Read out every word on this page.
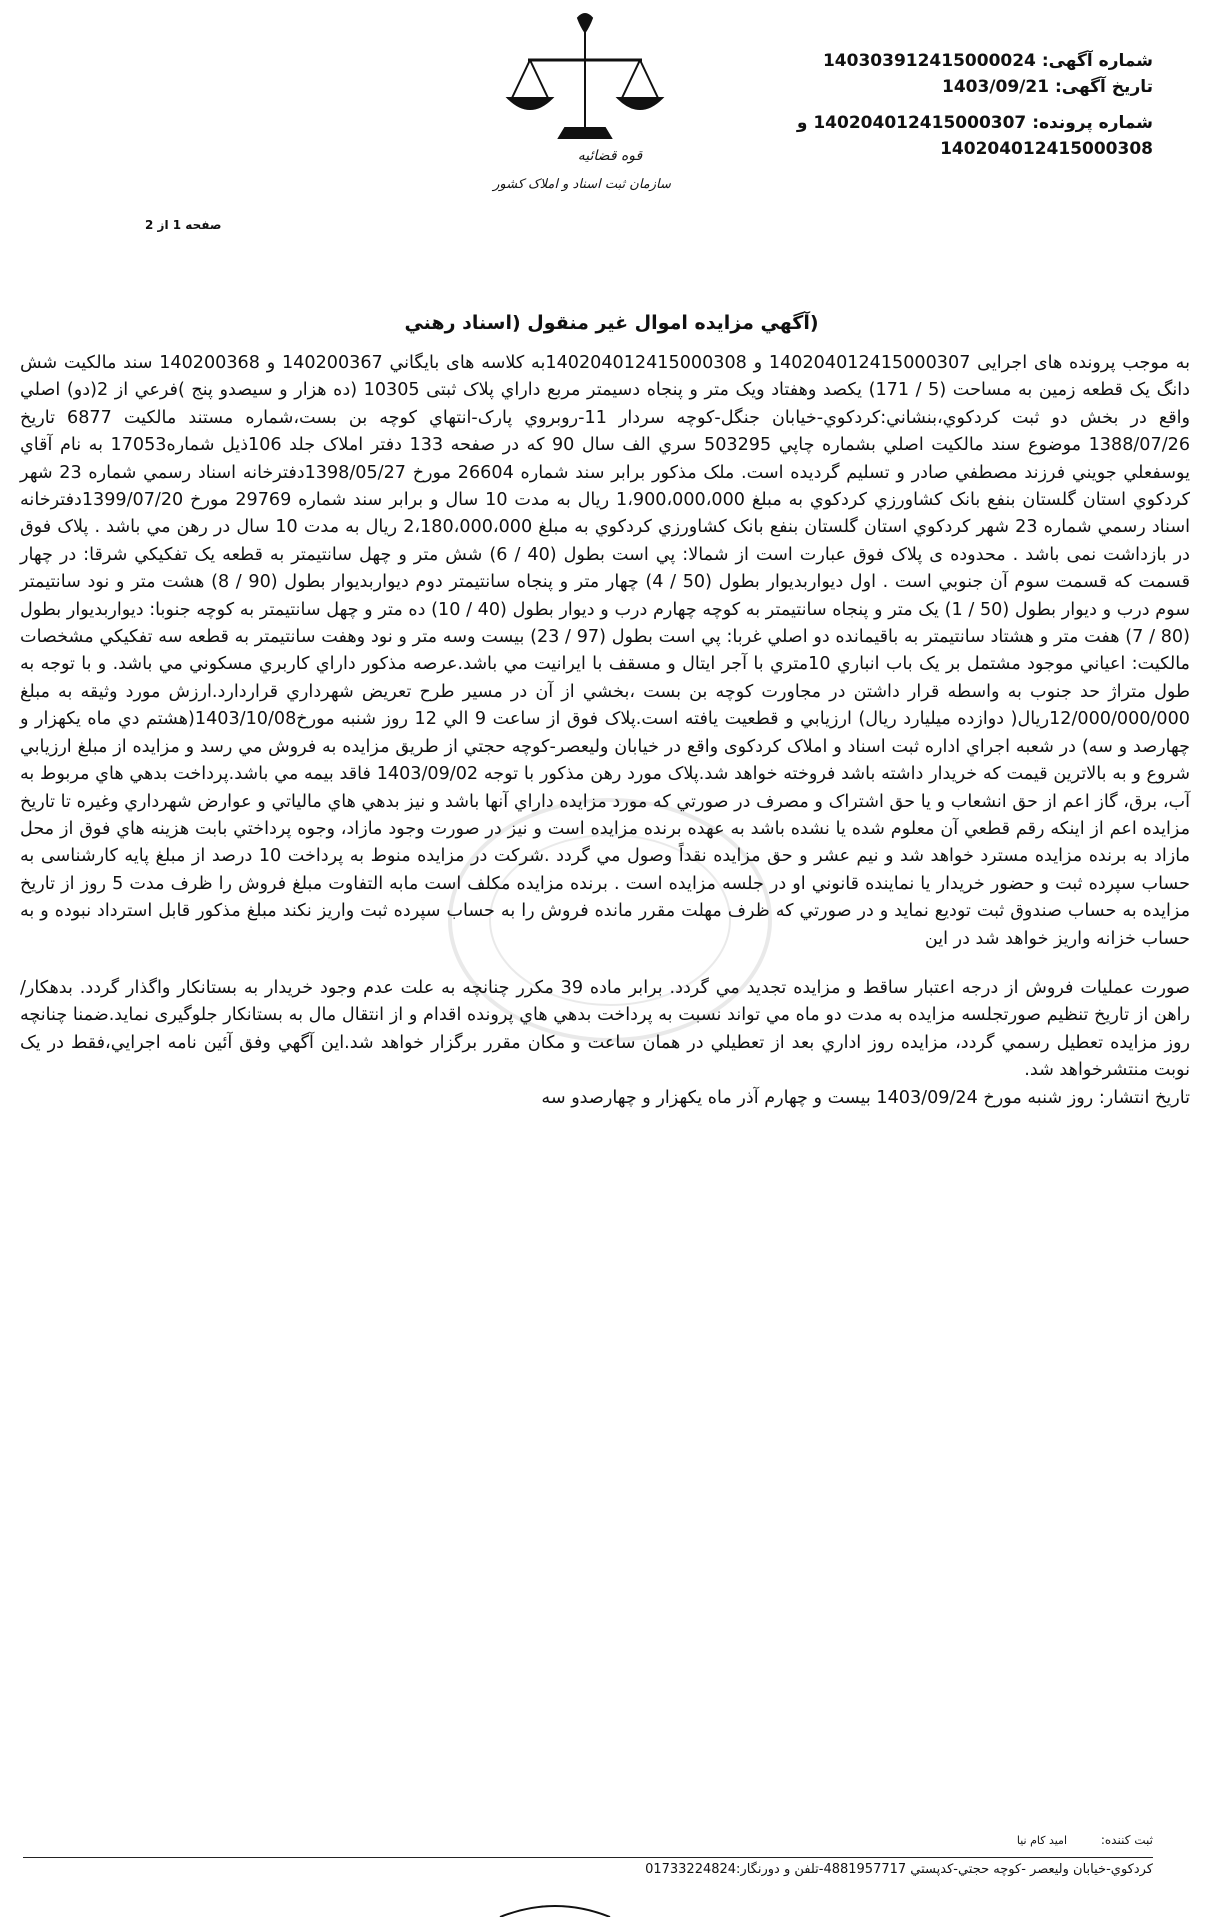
شماره آگهی: 140303912415000024
تاریخ آگهی: 1403/09/21
شماره پرونده: 140204012415000307 و
140204012415000308
قوه قضائیه
سازمان ثبت اسناد و املاک کشور
صفحه 1 از 2
(آگهي مزايده اموال غير منقول (اسناد رهني

به موجب پرونده های اجرایی 140204012415000307 و 140204012415000308به کلاسه های بايگاني 140200367 و 140200368 سند مالكيت شش دانگ یک قطعه زمین به مساحت (5 / 171) يكصد وهفتاد ویک متر و پنجاه دسيمتر مربع داراي پلاک ثبتی 10305 (ده هزار و سيصدو پنج )فرعي از 2(دو) اصلي واقع در بخش دو ثبت کردکوي،بنشاني:کردکوي-خيابان جنگل-کوچه سردار 11-روبروي پارک-انتهاي کوچه بن بست،شماره مستند مالکيت 6877 تاريخ 1388/07/26 موضوع سند مالکيت اصلي بشماره چاپي 503295 سري الف سال 90 كه در صفحه 133 دفتر املاک جلد 106ذيل شماره17053 به نام آقاي يوسفعلي جويني فرزند مصطفي صادر و تسليم گرديده است. ملک مذکور برابر سند شماره 26604 مورخ 1398/05/27دفترخانه اسناد رسمي شماره 23 شهر کردکوي استان گلستان بنفع بانک کشاورزي کردکوي به مبلغ 1،900،000،000 ريال به مدت 10 سال و برابر سند شماره 29769 مورخ 1399/07/20دفترخانه اسناد رسمي شماره 23 شهر کردکوي استان گلستان بنفع بانک کشاورزي کردکوي به مبلغ 2،180،000،000 ريال به مدت 10 سال در رهن مي باشد . پلاک فوق در بازداشت نمی باشد . محدوده ی پلاک فوق عبارت است از شمالا: پي است بطول (40 / 6) شش متر و چهل سانتيمتر به قطعه يک تفکيکي شرقا: در چهار قسمت که قسمت سوم آن جنوبي است . اول ديواربديوار بطول (50 / 4) چهار متر و پنجاه سانتيمتر دوم ديواربديوار بطول (90 / 8) هشت متر و نود سانتيمتر سوم درب و ديوار بطول (50 / 1) يک متر و پنجاه سانتيمتر به کوچه چهارم درب و ديوار بطول (40 / 10) ده متر و چهل سانتيمتر به کوچه جنوبا: ديواربديوار بطول (80 / 7) هفت متر و هشتاد سانتيمتر به باقيمانده دو اصلي غربا: پي است بطول (97 / 23) بيست وسه متر و نود وهفت سانتيمتر به قطعه سه تفکيکي مشخصات مالکيت: اعياني موجود مشتمل بر يک باب انباري 10متري با آجر ايتال و مسقف با ايرانيت مي باشد.عرصه مذکور داراي کاربري مسکوني مي باشد. و با توجه به طول متراژ حد جنوب به واسطه قرار داشتن در مجاورت کوچه بن بست ،بخشي از آن در مسير طرح تعريض شهرداري قراردارد.ارزش مورد وثيقه به مبلغ 12/000/000/000ريال( دوازده ميليارد ريال) ارزيابي و قطعيت يافته است.پلاک فوق از ساعت 9 الي 12 روز شنبه مورخ1403/10/08(هشتم دي ماه يكهزار و چهارصد و سه) در شعبه اجراي اداره ثبت اسناد و املاک كردكوی واقع در خيابان وليعصر-كوچه حجتي از طريق مزايده به فروش مي رسد و مزايده از مبلغ ارزيابي شروع و به بالاترين قيمت كه خريدار داشته باشد فروخته خواهد شد.پلاک مورد رهن مذکور با توجه 1403/09/02 فاقد بيمه مي باشد.پرداخت بدهي هاي مربوط به آب، برق، گاز اعم از حق انشعاب و يا حق اشتراک و مصرف در صورتي كه مورد مزايده داراي آنها باشد و نيز بدهي هاي مالياتي و عوارض شهرداري وغيره تا تاريخ مزايده اعم از اينكه رقم قطعي آن معلوم شده يا نشده باشد به عهده برنده مزايده است و نيز در صورت وجود مازاد، وجوه پرداختي بابت هزينه هاي فوق از محل مازاد به برنده مزايده مسترد خواهد شد و نيم عشر و حق مزايده نقداً وصول مي گردد .شرکت در مزايده منوط به پرداخت 10 درصد از مبلغ پايه کارشناسی به حساب سپرده ثبت و حضور خريدار يا نماينده قانوني او در جلسه مزايده است . برنده مزايده مكلف است مابه التفاوت مبلغ فروش را ظرف مدت 5 روز از تاريخ مزايده به حساب صندوق ثبت توديع نمايد و در صورتي كه ظرف مهلت مقرر مانده فروش را به حساب سپرده ثبت واريز نكند مبلغ مذكور قابل استرداد نبوده و به حساب خزانه واريز خواهد شد در اين

صورت عمليات فروش از درجه اعتبار ساقط و مزايده تجديد مي گردد. برابر ماده 39 مکرر چنانچه به علت عدم وجود خريدار به بستانکار واگذار گردد. بدهكار/راهن از تاريخ تنظيم صورتجلسه مزايده به مدت دو ماه مي تواند نسبت به پرداخت بدهي هاي پرونده اقدام و از انتقال مال به بستانكار جلوگيری نمايد.ضمنا چنانچه روز مزايده تعطيل رسمي گردد، مزايده روز اداري بعد از تعطيلي در همان ساعت و مكان مقرر برگزار خواهد شد.اين آگهي وفق آئين نامه اجرايي،فقط در يک نوبت منتشرخواهد شد.

تاريخ انتشار: روز شنبه مورخ 1403/09/24 بيست و چهارم آذر ماه يكهزار و چهارصدو سه

ثبت کننده: امید کام نیا
كردكوي-خيابان وليعصر -كوچه حجتي-كدپستي 4881957717-تلفن و دورنگار:01733224824
